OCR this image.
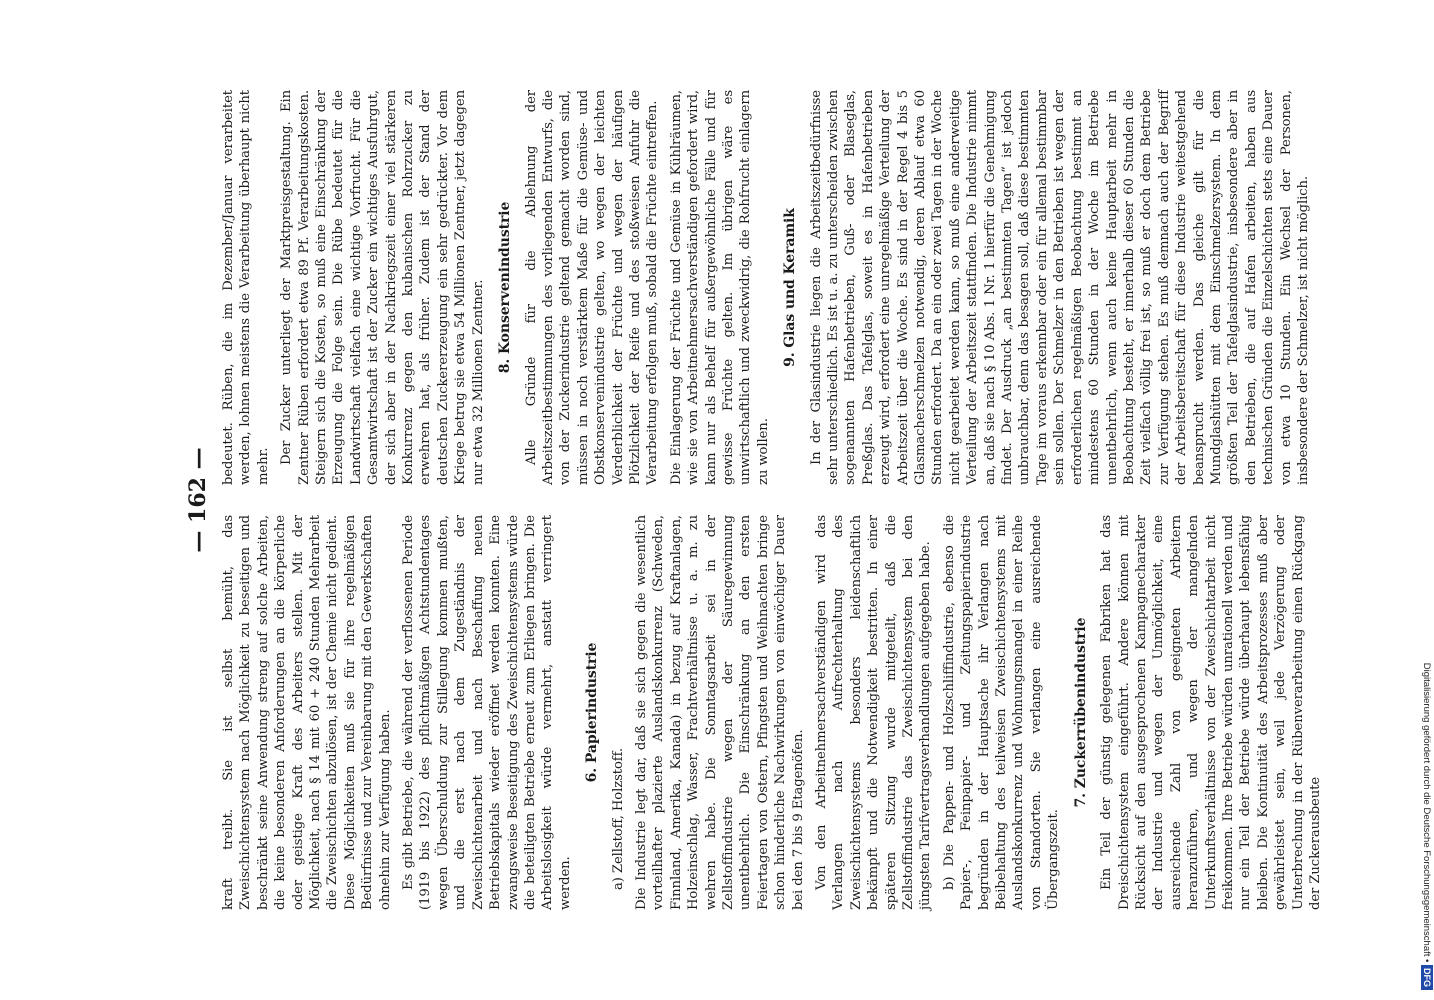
— 162 —

kraft treibt. Sie ist selbst bemüht, das Zweischichtensystem nach Möglichkeit zu beseitigen und beschränkt seine Anwendung streng auf solche Arbeiten, die keine besonderen Anforderungen an die körperliche oder geistige Kraft des Arbeiters stellen. Mit der Möglichkeit, nach § 14 mit 60 + 240 Stunden Mehrarbeit die Zweischichten abzulösen, ist der Chemie nicht gedient. Diese Möglichkeiten muß sie für ihre regelmäßigen Bedürfnisse und zur Vereinbarung mit den Gewerkschaften ohnehin zur Verfügung haben. Es gibt Betriebe, die während der verflossenen Periode (1919 bis 1922) des pflichtmäßigen Achtstundentages wegen Überschuldung zur Stillegung kommen mußten, und die erst nach dem Zugeständnis der Zweischichtenarbeit und nach Beschaffung neuen Betriebskapitals wieder eröffnet werden konnten. Eine zwangsweise Beseitigung des Zweischichtensystems würde die beteiligten Betriebe erneut zum Erliegen bringen. Die Arbeitslosigkeit würde vermehrt, anstatt verringert werden.

6. Papierindustrie

a) Zellstoff, Holzstoff. Die Industrie legt dar, daß sie sich gegen die wesentlich vorteilhafter plazierte Auslandskonkurrenz (Schweden, Finnland, Amerika, Kanada) in bezug auf Kraftanlagen, Holzeinschlag, Wasser, Frachtverhältnisse u. a. m. zu wehren habe. Die Sonntagsarbeit sei in der Zellstoffindustrie wegen der Säuregewinnung unentbehrlich. Die Einschränkung an den ersten Feiertagen von Ostern, Pfingsten und Weihnachten bringe schon hinderliche Nachwirkungen von einwöchiger Dauer bei den 7 bis 9 Etagenöfen. Von den Arbeitnehmersachverständigen wird das Verlangen nach Aufrechterhaltung des Zweischichtensystems besonders leidenschaftlich bekämpft und die Notwendigkeit bestritten. In einer späteren Sitzung wurde mitgeteilt, daß die Zellstoffindustrie das Zweischichtensystem bei den jüngsten Tarifvertragsverhandlungen aufgegeben habe. b) Die Pappen- und Holzschliffindustrie, ebenso die Papier-, Feinpapier- und Zeitungspapierindustrie begründen in der Hauptsache ihr Verlangen nach Beibehaltung des teilweisen Zweischichtensystems mit Auslandskonkurrenz und Wohnungsmangel in einer Reihe von Standorten. Sie verlangen eine ausreichende Übergangszeit.

7. Zuckerrübenindustrie Ein Teil der günstig gelegenen Fabriken hat das Dreischichtensystem eingeführt. Andere können mit Rücksicht auf den ausgesprochenen Kampagnecharakter der Industrie und wegen der Unmöglichkeit, eine ausreichende Zahl von geeigneten Arbeitern heranzuführen, und wegen der mangelnden Unterkunftsverhältnisse von der Zweischichtarbeit nicht freikommen. Ihre Betriebe würden unrationell werden und nur ein Teil der Betriebe würde überhaupt lebensfähig bleiben. Die Kontinuität des Arbeitsprozesses muß aber gewährleistet sein, weil jede Verzögerung oder Unterbrechung in der Rübenverarbeitung einen Rückgang der Zuckerausbeute

bedeutet. Rüben, die im Dezember/Januar verarbeitet werden, lohnen meistens die Verarbeitung überhaupt nicht mehr.

Der Zucker unterliegt der Marktpreisgestaltung. Ein Zentner Rüben erfordert etwa 89 Pf. Verarbeitungskosten. Steigern sich die Kosten, so muß eine Einschränkung der Erzeugung die Folge sein. Die Rübe bedeutet für die Landwirtschaft vielfach eine wichtige Vorfrucht. Für die Gesamtwirtschaft ist der Zucker ein wichtiges Ausfuhrgut, der sich aber in der Nachkriegszeit einer viel stärkeren Konkurrenz gegen den kubanischen Rohrzucker zu erwehren hat, als früher. Zudem ist der Stand der deutschen Zuckererzeugung ein sehr gedrückter. Vor dem Kriege betrug sie etwa 54 Millionen Zentner, jetzt dagegen nur etwa 32 Millionen Zentner. 8. Konservenindustrie Alle Gründe für die Ablehnung der Arbeitszeitbestimmungen des vorliegenden Entwurfs, die von der Zuckerindustrie geltend gemacht worden sind, müssen in noch verstärktem Maße für die Gemüse- und Obstkonservenindustrie gelten, wo wegen der leichten Verderblichkeit der Früchte und wegen der häufigen Plötzlichkeit der Reife und des stoßweisen Anfuhr die Verarbeitung erfolgen muß, sobald die Früchte eintreffen. Die Einlagerung der Früchte und Gemüse in Kühlräumen, wie sie von Arbeitnehmersachverständigen gefordert wird, kann nur als Behelf für außergewöhnliche Fälle und für gewisse Früchte gelten. Im übrigen wäre es unwirtschaftlich und zweckwidrig, die Rohfrucht einlagern zu wollen.

9. Glas und Keramik In der Glasindustrie liegen die Arbeitszeitbedürfnisse sehr unterschiedlich. Es ist u. a. zu unterscheiden zwischen sogenannten Hafenbetrieben, Guß- oder Blaseglas, Preßglas. Das Tafelglas, soweit es in Hafenbetrieben erzeugt wird, erfordert eine unregelmäßige Verteilung der Arbeitszeit über die Woche. Es sind in der Regel 4 bis 5 Glasmacherschmelzen notwendig, deren Ablauf etwa 60 Stunden erfordert. Da an ein oder zwei Tagen in der Woche nicht gearbeitet werden kann, so muß eine anderweitige Verteilung der Arbeitszeit stattfinden. Die Industrie nimmt an, daß sie nach § 10 Abs. 1 Nr. 1 hierfür die Genehmigung findet. Der Ausdruck „an bestimmten Tagen“ ist jedoch unbrauchbar, denn das besagen soll, daß diese bestimmten Tage im voraus erkennbar oder ein für allemal bestimmbar sein sollen. Der Schmelzer in den Betrieben ist wegen der erforderlichen regelmäßigen Beobachtung bestimmt an mindestens 60 Stunden in der Woche im Betriebe unentbehrlich, wenn auch keine Hauptarbeit mehr in Beobachtung besteht, er innerhalb dieser 60 Stunden die Zeit vielfach völlig frei ist, so muß er doch dem Betriebe zur Verfügung stehen. Es muß demnach auch der Begriff der Arbeitsbereitschaft für diese Industrie weitestgehend beansprucht werden. Das gleiche gilt für die Mundglashütten mit dem Einschmelzersystem. In dem größten Teil der Tafelglasindustrie, insbesondere aber in den Betrieben, die auf Hafen arbeiten, haben aus technischen Gründen die Einzelschichten stets eine Dauer von etwa 10 Stunden. Ein Wechsel der Personen, insbesondere der Schmelzer, ist nicht möglich.

Digitalisierung gefördert durch die Deutsche Forschungsgemeinschaft • DFG
